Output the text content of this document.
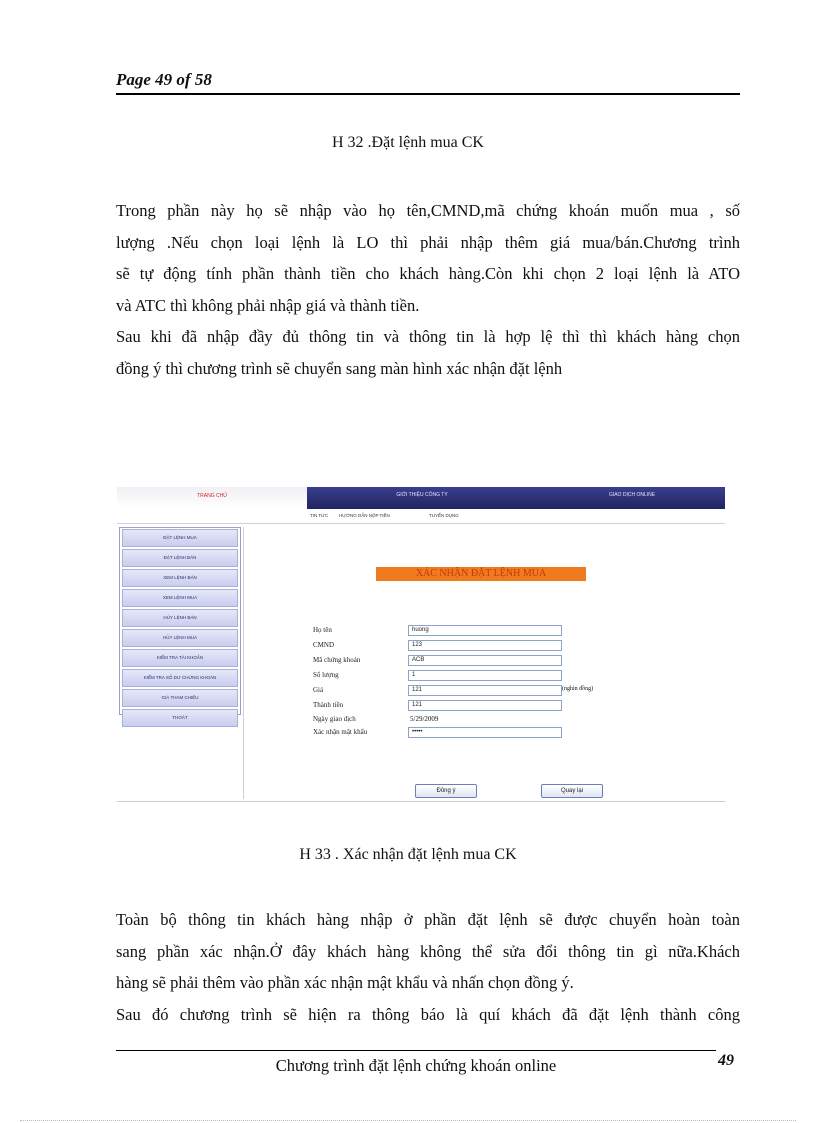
Page 49 of 58
H 32 .Đặt lệnh mua CK

Trong phần này họ sẽ nhập vào họ tên,CMND,mã chứng khoán muốn mua , số

lượng .Nếu chọn loại lệnh là LO thì phải nhập thêm giá mua/bán.Chương trình

sẽ tự động tính phần thành tiền cho khách hàng.Còn khi chọn 2 loại lệnh là ATO

và ATC thì không phải nhập giá và thành tiền.

Sau khi đã nhập đầy đủ thông tin và thông tin là hợp lệ thì thì khách hàng chọn

đồng ý thì chương trình sẽ chuyển sang màn hình xác nhận đặt lệnh

TRANG CHỦ	GIỚI THIỆU CÔNG TY	GIAO DỊCH ONLINE
TIN TỨC HƯỚNG DẪN NỘP TIỀN	TUYỂN DỤNG
ĐẶT LỆNH MUA
ĐẶT LỆNH BÁN
XEM LỆNH BÁN
XEM LỆNH MUA
HỦY LỆNH BÁN
HỦY LỆNH MUA
KIỂM TRA TÀI KHOẢN
KIỂM TRA SỐ DƯ CHỨNG KHOÁN
GIÁ THAM CHIẾU
THOÁT
XÁC NHẬN ĐẶT LỆNH MUA
Họ tên	huong
CMND	123
Mã chứng khoán	ACB
Số lượng	1
Giá	121	(nghìn đồng)
Thành tiền	121
Ngày giao dịch	5/29/2009
Xác nhận mật khẩu	•••••
Đồng ý	Quay lại
H 33 . Xác nhận đặt lệnh mua CK

Toàn bộ thông tin khách hàng nhập ở phần đặt lệnh sẽ được chuyển hoàn toàn

sang phần xác nhận.Ở đây khách hàng không thể sửa đổi thông tin gì nữa.Khách

hàng sẽ phải thêm vào phần xác nhận mật khẩu và nhấn chọn đồng ý.

Sau đó chương trình sẽ hiện ra thông báo là quí khách đã đặt lệnh thành công

Chương trình đặt lệnh chứng khoán online	49
